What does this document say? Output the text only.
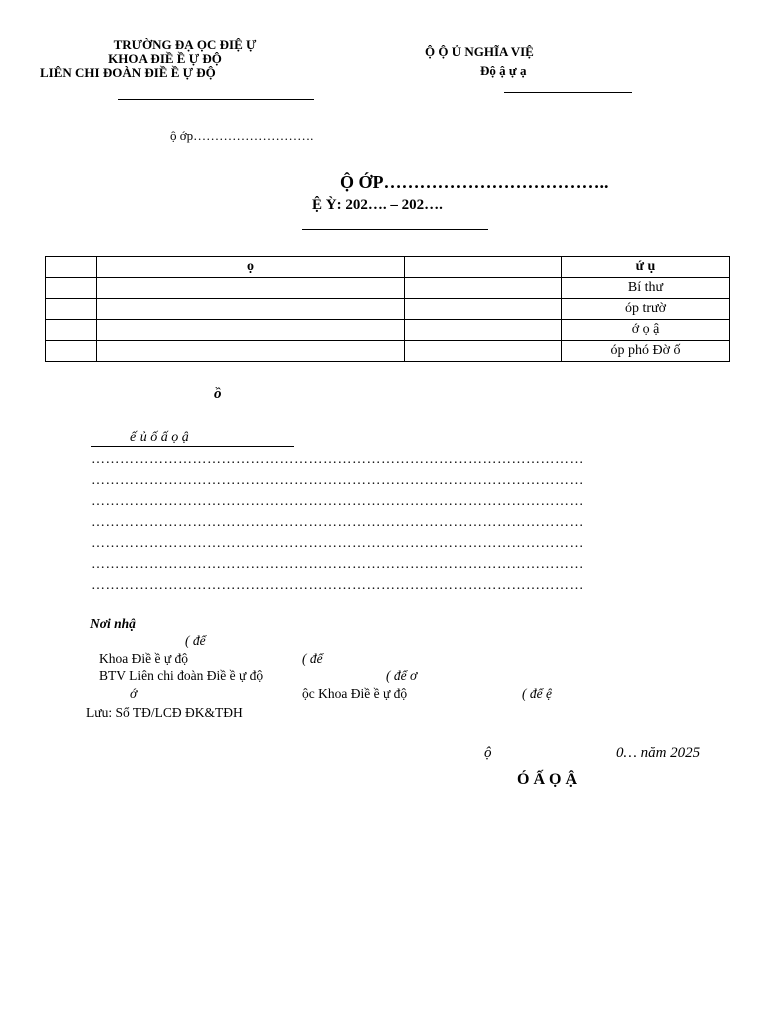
TRƯỜNG ĐẠ ỌC ĐIỆ Ự
KHOA ĐIỀ Ề Ự ĐỘ
LIÊN CHI ĐOÀN ĐIỀ Ề Ự ĐỘ
Ộ Ộ Ủ NGHĨA VIỆ
Độ ậ ự ạ
ộ ớp……………………….
Ộ ỚP………………………………..
Ệ Ỳ: 202…. – 202….
	ọ		ứ ụ
			Bí thư
			óp trườ
			ớ ọ ậ
			óp phó Đờ ố
ồ
ế ủ ố ấ ọ ậ
…………………………………………………………………………………………
…………………………………………………………………………………………
…………………………………………………………………………………………
…………………………………………………………………………………………
…………………………………………………………………………………………
…………………………………………………………………………………………
…………………………………………………………………………………………
Nơi nhậ
( để
Khoa Điề ề ự độ	( để
BTV Liên chi đoàn Điề ề ự độ	( để ơ
ớ	ộc Khoa Điề ề ự độ	( để ệ
Lưu: Sổ TĐ/LCĐ ĐK&TĐH
ộ	0… năm 2025
Ó Ấ Ọ Ậ
